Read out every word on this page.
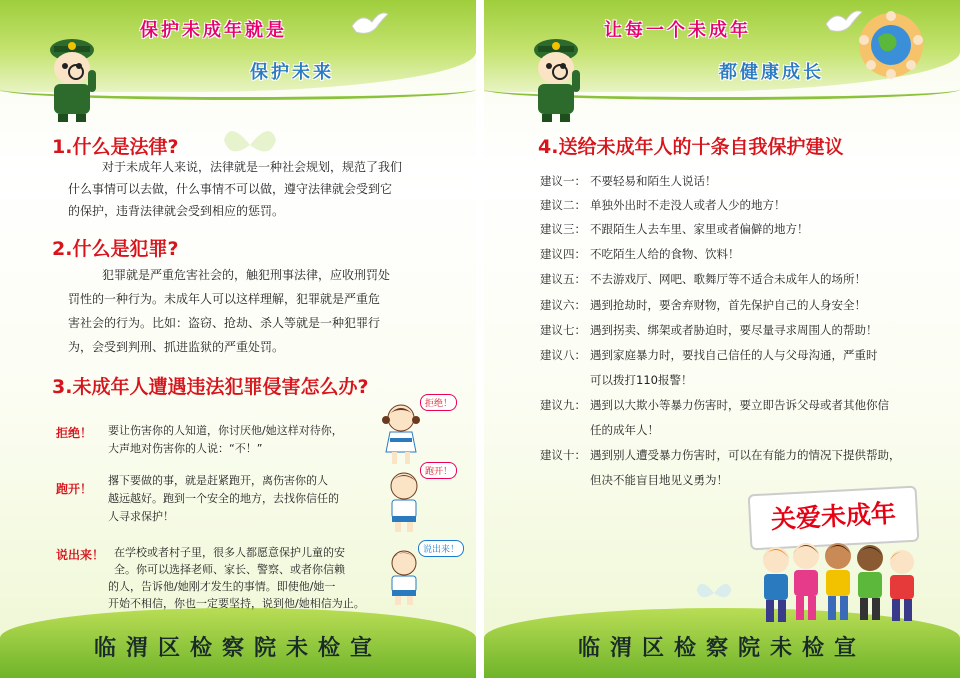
保护未成年就是
保护未来
1.什么是法律?
对于未成年人来说，法律就是一种社会规划，规范了我们
什么事情可以去做，什么事情不可以做，遵守法律就会受到它
的保护，违背法律就会受到相应的惩罚。
2.什么是犯罪?
犯罪就是严重危害社会的，触犯刑事法律，应收刑罚处
罚性的一种行为。未成年人可以这样理解，犯罪就是严重危
害社会的行为。比如：盗窃、抢劫、杀人等就是一种犯罪行
为，会受到判刑、抓进监狱的严重处罚。
3.未成年人遭遇违法犯罪侵害怎么办?
拒绝！ 要让伤害你的人知道，你讨厌他/她这样对待你，
大声地对伤害你的人说：“不！”
拒绝！
跑开！
撂下要做的事，就是赶紧跑开，离伤害你的人
越远越好。跑到一个安全的地方，去找你信任的
人寻求保护！
跑开！
说出来！ 在学校或者村子里，很多人都愿意保护儿童的安
全。你可以选择老师、家长、警察、或者你信赖
的人，告诉他/她刚才发生的事情。即使他/她一
开始不相信，你也一定要坚持，说到他/她相信为止。
说出来！
临渭区检察院未检宣
让每一个未成年
都健康成长
4.送给未成年人的十条自我保护建议
建议一： 不要轻易和陌生人说话！
建议二： 单独外出时不走没人或者人少的地方！
建议三： 不跟陌生人去车里、家里或者偏僻的地方！
建议四： 不吃陌生人给的食物、饮料！
建议五： 不去游戏厅、网吧、歌舞厅等不适合未成年人的场所！
建议六： 遇到抢劫时，要舍弃财物，首先保护自己的人身安全！
建议七： 遇到拐卖、绑架或者胁迫时，要尽量寻求周围人的帮助！
建议八： 遇到家庭暴力时，要找自己信任的人与父母沟通，严重时
可以拨打110报警！
建议九： 遇到以大欺小等暴力伤害时，要立即告诉父母或者其他你信
任的成年人！
建议十： 遇到别人遭受暴力伤害时，可以在有能力的情况下提供帮助，
但决不能盲目地见义勇为！
关爱未成年
临渭区检察院未检宣
